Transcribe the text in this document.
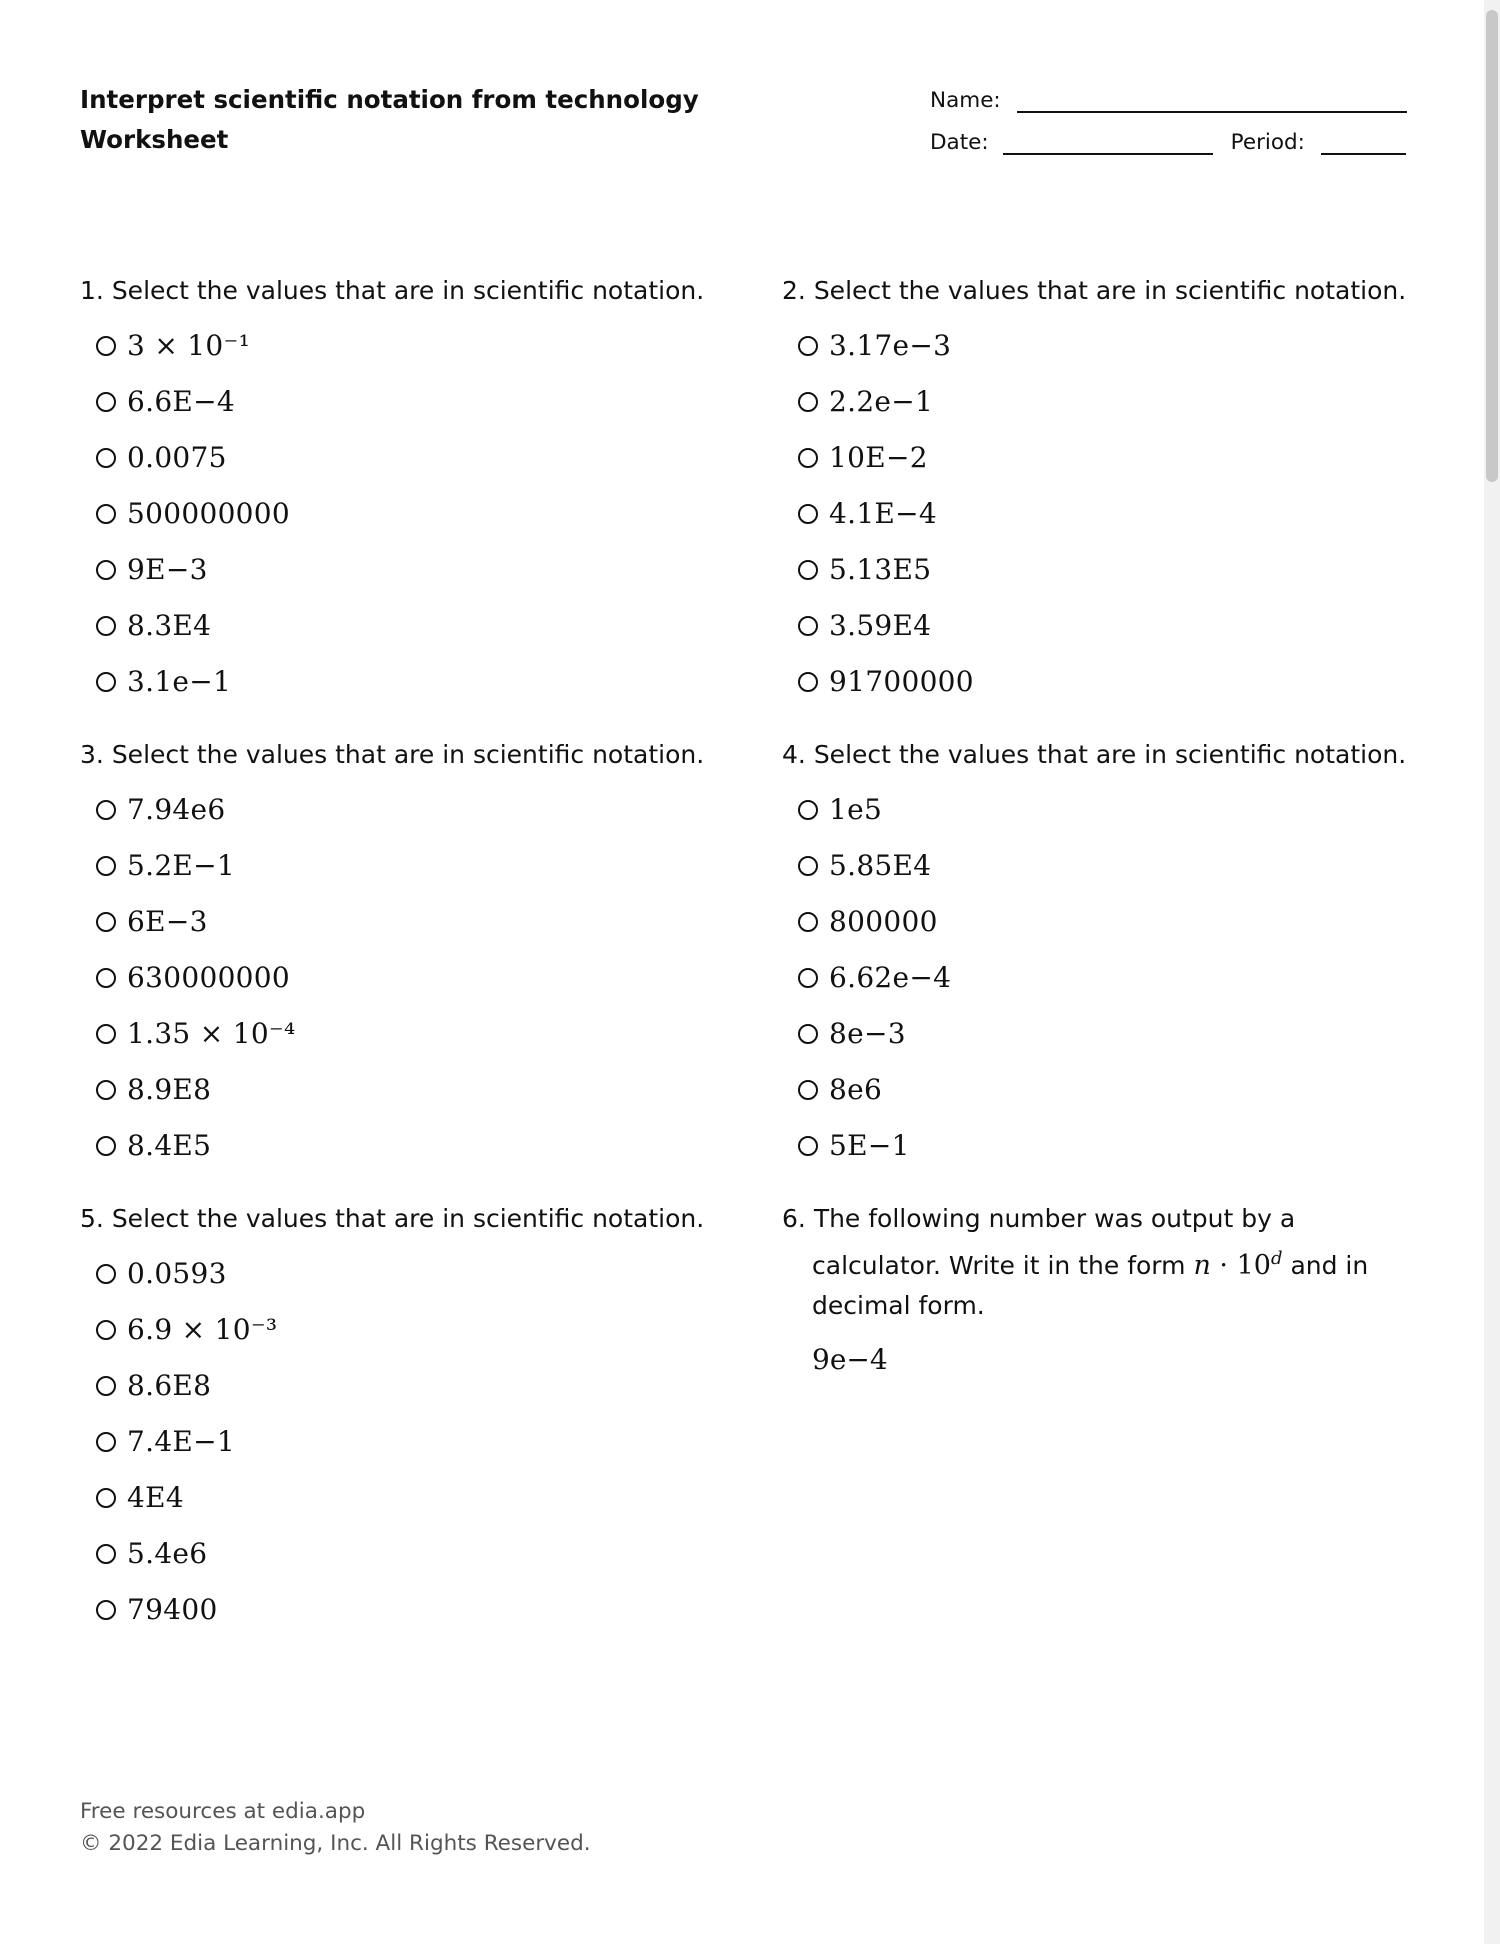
Interpret scientific notation from technology
Worksheet
Name:
Date:	Period:
1. Select the values that are in scientific notation.
3 × 10⁻¹
6.6E−4
0.0075
500000000
9E−3
8.3E4
3.1e−1
2. Select the values that are in scientific notation.
3.17e−3
2.2e−1
10E−2
4.1E−4
5.13E5
3.59E4
91700000
3. Select the values that are in scientific notation.
7.94e6
5.2E−1
6E−3
630000000
1.35 × 10⁻⁴
8.9E8
8.4E5
4. Select the values that are in scientific notation.
1e5
5.85E4
800000
6.62e−4
8e−3
8e6
5E−1
5. Select the values that are in scientific notation.
0.0593
6.9 × 10⁻³
8.6E8
7.4E−1
4E4
5.4e6
79400
6. The following number was output by a calculator. Write it in the form $n \cdot 10^d$ and in decimal form.
9e−4
Free resources at edia.app
© 2022 Edia Learning, Inc. All Rights Reserved.
